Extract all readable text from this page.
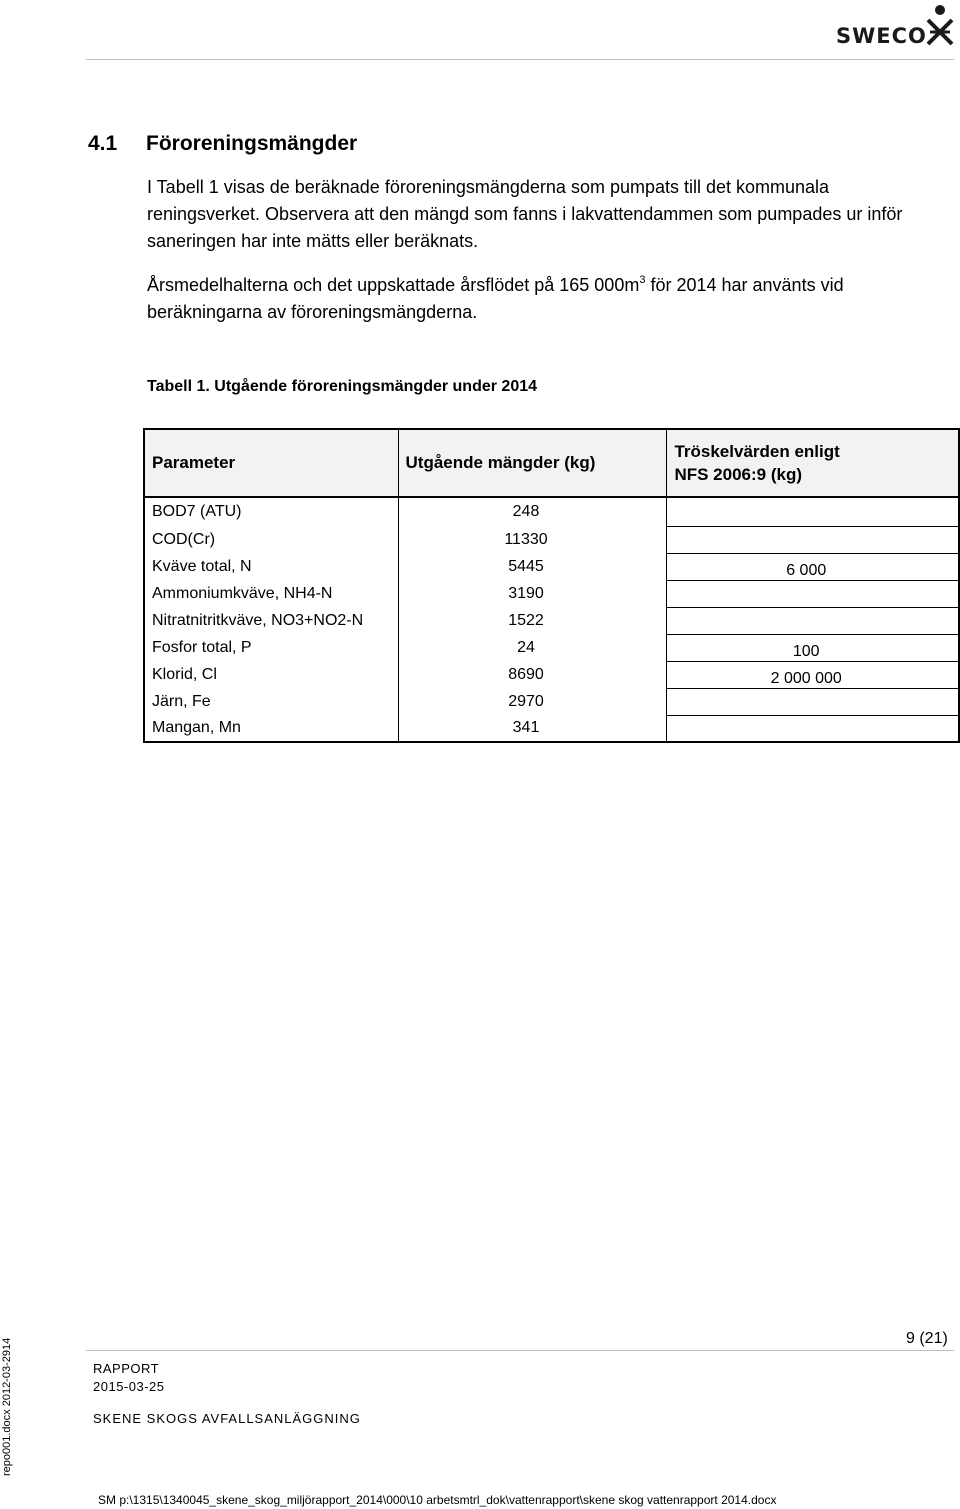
SWECO
4.1 Föroreningsmängder
I Tabell 1 visas de beräknade föroreningsmängderna som pumpats till det kommunala reningsverket. Observera att den mängd som fanns i lakvattendammen som pumpades ur inför saneringen har inte mätts eller beräknats.
Årsmedelhalterna och det uppskattade årsflödet på 165 $000m^3$ för 2014 har använts vid beräkningarna av föroreningsmängderna.
Tabell 1. Utgående föroreningsmängder under 2014
Parameter	Utgående mängder (kg)	Tröskelvärden enligt
NFS 2006:9 (kg)
BOD7 (ATU)	248	
COD(Cr)	11330	
Kväve total, N	5445	6 000
Ammoniumkväve, NH4-N	3190	
Nitratnitritkväve, NO3+NO2-N	1522	
Fosfor total, P	24	100
Klorid, Cl	8690	2 000 000
Järn, Fe	2970	
Mangan, Mn	341	
9 (21)
RAPPORT
2015-03-25
SKENE SKOGS AVFALLSANLÄGGNING
SM p:\1315\1340045_skene_skog_miljörapport_2014\000\10 arbetsmtrl_dok\vattenrapport\skene skog vattenrapport 2014.docx
repo001.docx 2012-03-2914
